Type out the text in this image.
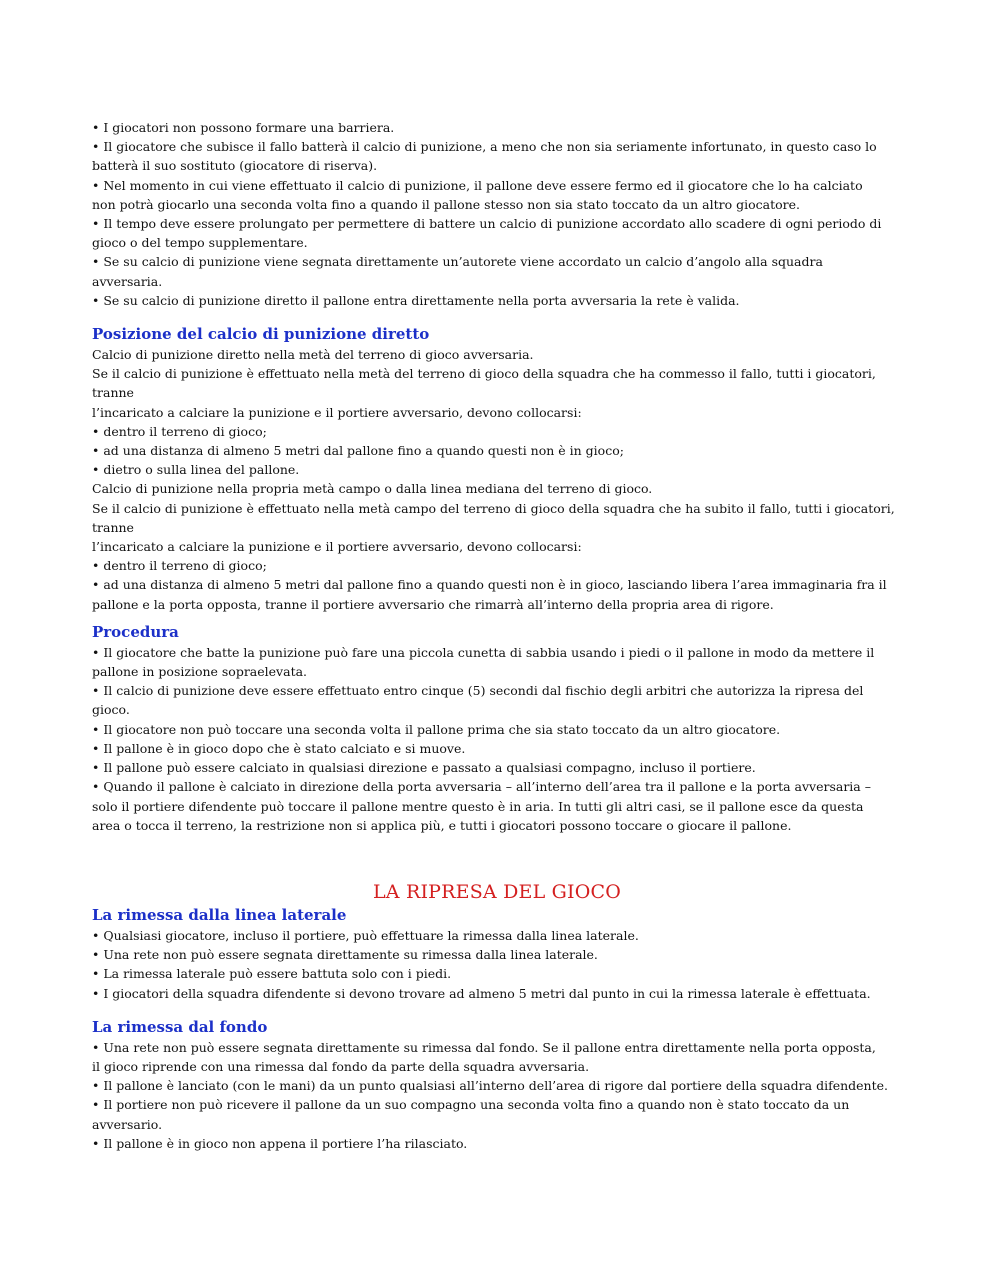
• I giocatori non possono formare una barriera.

• Il giocatore che subisce il fallo batterà il calcio di punizione, a meno che non sia seriamente infortunato, in questo caso lo

batterà il suo sostituto (giocatore di riserva).

• Nel momento in cui viene effettuato il calcio di punizione, il pallone deve essere fermo ed il giocatore che lo ha calciato

non potrà giocarlo una seconda volta fino a quando il pallone stesso non sia stato toccato da un altro giocatore.

• Il tempo deve essere prolungato per permettere di battere un calcio di punizione accordato allo scadere di ogni periodo di

gioco o del tempo supplementare.

• Se su calcio di punizione viene segnata direttamente un’autorete viene accordato un calcio d’angolo alla squadra

avversaria.

• Se su calcio di punizione diretto il pallone entra direttamente nella porta avversaria la rete è valida.

Posizione del calcio di punizione diretto

Calcio di punizione diretto nella metà del terreno di gioco avversaria.

Se il calcio di punizione è effettuato nella metà del terreno di gioco della squadra che ha commesso il fallo, tutti i giocatori, tranne

l’incaricato a calciare la punizione e il portiere avversario, devono collocarsi:

• dentro il terreno di gioco;

• ad una distanza di almeno 5 metri dal pallone fino a quando questi non è in gioco;

• dietro o sulla linea del pallone.

Calcio di punizione nella propria metà campo o dalla linea mediana del terreno di gioco.

Se il calcio di punizione è effettuato nella metà campo del terreno di gioco della squadra che ha subito il fallo, tutti i giocatori,

tranne

l’incaricato a calciare la punizione e il portiere avversario, devono collocarsi:

• dentro il terreno di gioco;

• ad una distanza di almeno 5 metri dal pallone fino a quando questi non è in gioco, lasciando libera l’area immaginaria fra il

pallone e la porta opposta, tranne il portiere avversario che rimarrà all’interno della propria area di rigore.

Procedura

• Il giocatore che batte la punizione può fare una piccola cunetta di sabbia usando i piedi o il pallone in modo da mettere il

pallone in posizione sopraelevata.

• Il calcio di punizione deve essere effettuato entro cinque (5) secondi dal fischio degli arbitri che autorizza la ripresa del

gioco.

• Il giocatore non può toccare una seconda volta il pallone prima che sia stato toccato da un altro giocatore.

• Il pallone è in gioco dopo che è stato calciato e si muove.

• Il pallone può essere calciato in qualsiasi direzione e passato a qualsiasi compagno, incluso il portiere.

• Quando il pallone è calciato in direzione della porta avversaria – all’interno dell’area tra il pallone e la porta avversaria –

solo il portiere difendente può toccare il pallone mentre questo è in aria. In tutti gli altri casi, se il pallone esce da questa

area o tocca il terreno, la restrizione non si applica più, e tutti i giocatori possono toccare o giocare il pallone.

LA RIPRESA DEL GIOCO

La rimessa dalla linea laterale

• Qualsiasi giocatore, incluso il portiere, può effettuare la rimessa dalla linea laterale.

• Una rete non può essere segnata direttamente su rimessa dalla linea laterale.

• La rimessa laterale può essere battuta solo con i piedi.

• I giocatori della squadra difendente si devono trovare ad almeno 5 metri dal punto in cui la rimessa laterale è effettuata.

La rimessa dal fondo

• Una rete non può essere segnata direttamente su rimessa dal fondo. Se il pallone entra direttamente nella porta opposta,

il gioco riprende con una rimessa dal fondo da parte della squadra avversaria.

• Il pallone è lanciato (con le mani) da un punto qualsiasi all’interno dell’area di rigore dal portiere della squadra difendente.

• Il portiere non può ricevere il pallone da un suo compagno una seconda volta fino a quando non è stato toccato da un

avversario.

• Il pallone è in gioco non appena il portiere l’ha rilasciato.
